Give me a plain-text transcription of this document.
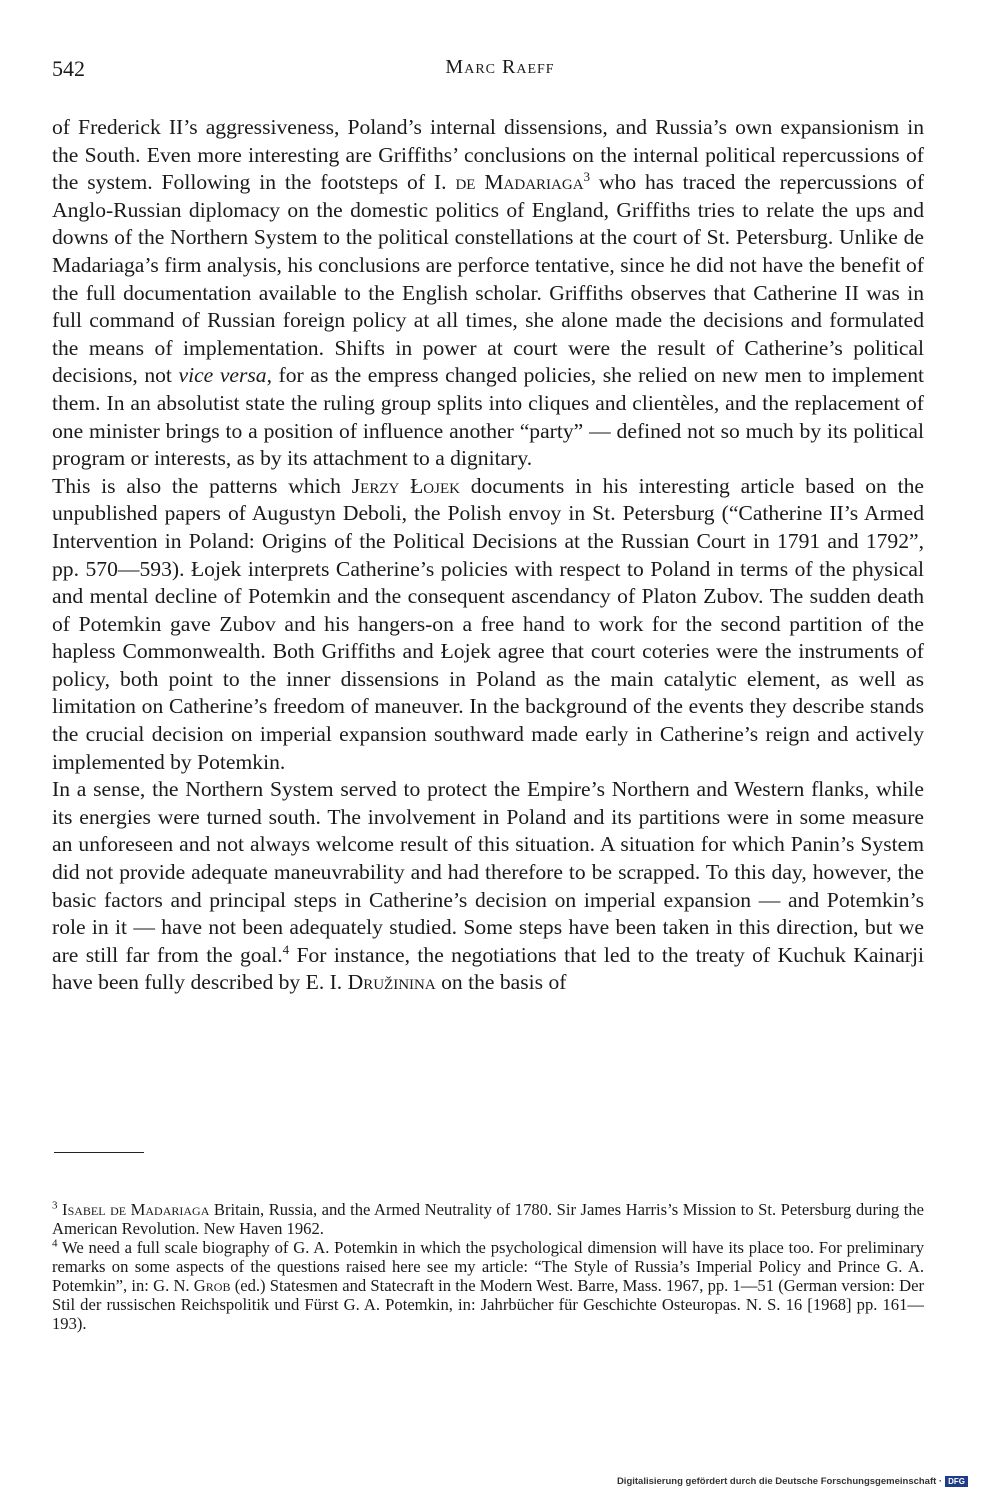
542	Marc Raeff

of Frederick II’s aggressiveness, Poland’s internal dissensions, and Russia’s own expansionism in the South. Even more interesting are Griffiths’ conclusions on the internal political repercussions of the system. Following in the footsteps of I. de Madariaga$^3$ who has traced the repercussions of Anglo-Russian diplomacy on the domestic politics of England, Griffiths tries to relate the ups and downs of the Northern System to the political constellations at the court of St. Petersburg. Unlike de Madariaga’s firm analysis, his conclusions are perforce tentative, since he did not have the benefit of the full documentation available to the English scholar. Griffiths observes that Catherine II was in full command of Russian foreign policy at all times, she alone made the decisions and formulated the means of implementation. Shifts in power at court were the result of Catherine’s political decisions, not vice versa, for as the empress changed policies, she relied on new men to implement them. In an absolutist state the ruling group splits into cliques and clientèles, and the replacement of one minister brings to a position of influence another “party” — defined not so much by its political program or interests, as by its attachment to a dignitary.

This is also the patterns which Jerzy Łojek documents in his interesting article based on the unpublished papers of Augustyn Deboli, the Polish envoy in St. Petersburg (“Catherine II’s Armed Intervention in Poland: Origins of the Political Decisions at the Russian Court in 1791 and 1792”, pp. 570—593). Łojek interprets Catherine’s policies with respect to Poland in terms of the physical and mental decline of Potemkin and the consequent ascendancy of Platon Zubov. The sudden death of Potemkin gave Zubov and his hangers-on a free hand to work for the second partition of the hapless Commonwealth. Both Griffiths and Łojek agree that court coteries were the instruments of policy, both point to the inner dissensions in Poland as the main catalytic element, as well as limitation on Catherine’s freedom of maneuver. In the background of the events they describe stands the crucial decision on imperial expansion southward made early in Catherine’s reign and actively implemented by Potemkin.

In a sense, the Northern System served to protect the Empire’s Northern and Western flanks, while its energies were turned south. The involvement in Poland and its partitions were in some measure an unforeseen and not always welcome result of this situation. A situation for which Panin’s System did not provide adequate maneuvrability and had therefore to be scrapped. To this day, however, the basic factors and principal steps in Catherine’s decision on imperial expansion — and Potemkin’s role in it — have not been adequately studied. Some steps have been taken in this direction, but we are still far from the goal.$^4$ For instance, the negotiations that led to the treaty of Kuchuk Kainarji have been fully described by E. I. Družinina on the basis of

$^3$ Isabel de Madariaga Britain, Russia, and the Armed Neutrality of 1780. Sir James Harris’s Mission to St. Petersburg during the American Revolution. New Haven 1962.

$^4$ We need a full scale biography of G. A. Potemkin in which the psychological dimension will have its place too. For preliminary remarks on some aspects of the questions raised here see my article: “The Style of Russia’s Imperial Policy and Prince G. A. Potemkin”, in: G. N. Grob (ed.) Statesmen and Statecraft in the Modern West. Barre, Mass. 1967, pp. 1—51 (German version: Der Stil der russischen Reichspolitik und Fürst G. A. Potemkin, in: Jahrbücher für Geschichte Osteuropas. N. S. 16 [1968] pp. 161—193).

Digitalisierung gefördert durch die Deutsche Forschungsgemeinschaft · DFG
